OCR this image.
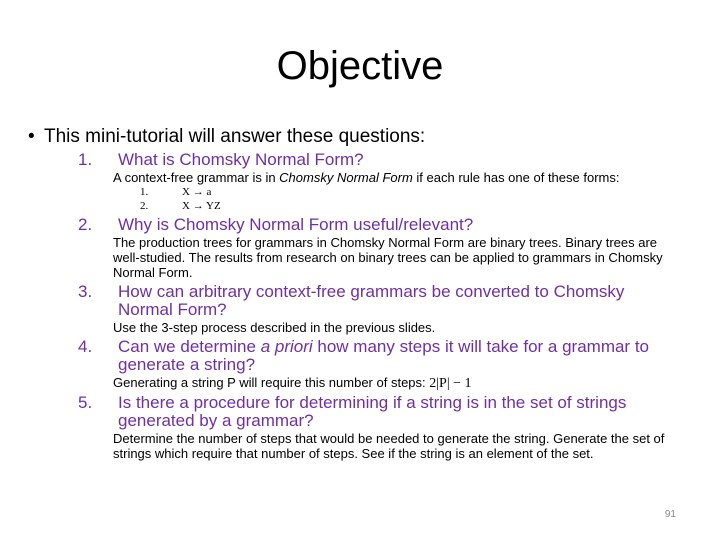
Objective
• This mini-tutorial will answer these questions:
1. What is Chomsky Normal Form?
A context-free grammar is in Chomsky Normal Form if each rule has one of these forms:
1.	X → a
2.	X → YZ
2. Why is Chomsky Normal Form useful/relevant?
The production trees for grammars in Chomsky Normal Form are binary trees. Binary trees are well-studied. The results from research on binary trees can be applied to grammars in Chomsky Normal Form.
3. How can arbitrary context-free grammars be converted to Chomsky Normal Form?
Use the 3-step process described in the previous slides.
4. Can we determine a priori how many steps it will take for a grammar to generate a string?
Generating a string P will require this number of steps: 2|P| − 1
5. Is there a procedure for determining if a string is in the set of strings generated by a grammar?
Determine the number of steps that would be needed to generate the string. Generate the set of strings which require that number of steps. See if the string is an element of the set.
91
